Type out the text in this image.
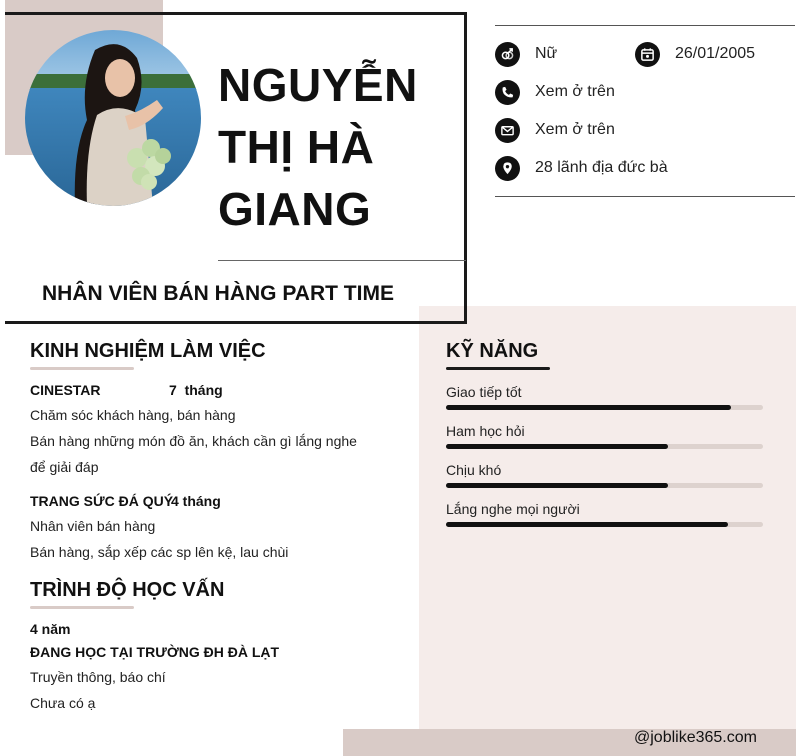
NGUYỄN
THỊ HÀ
GIANG
NHÂN VIÊN BÁN HÀNG PART TIME
Nữ	26/01/2005
Xem ở trên
Xem ở trên
28 lãnh địa đức bà
KINH NGHIỆM LÀM VIỆC
CINESTAR	7  tháng
Chăm sóc khách hàng, bán hàng
Bán hàng những món đồ ăn, khách cần gì lắng nghe
để giải đáp
TRANG SỨC ĐÁ QUÝ
4 tháng
Nhân viên bán hàng
Bán hàng, sắp xếp các sp lên kệ, lau chùi
TRÌNH ĐỘ HỌC VẤN
4 năm
ĐANG HỌC TẠI TRƯỜNG ĐH ĐÀ LẠT
Truyền thông, báo chí
Chưa có ạ
KỸ NĂNG
Giao tiếp tốt
Ham học hỏi
Chịu khó
Lắng nghe mọi người
@joblike365.com
